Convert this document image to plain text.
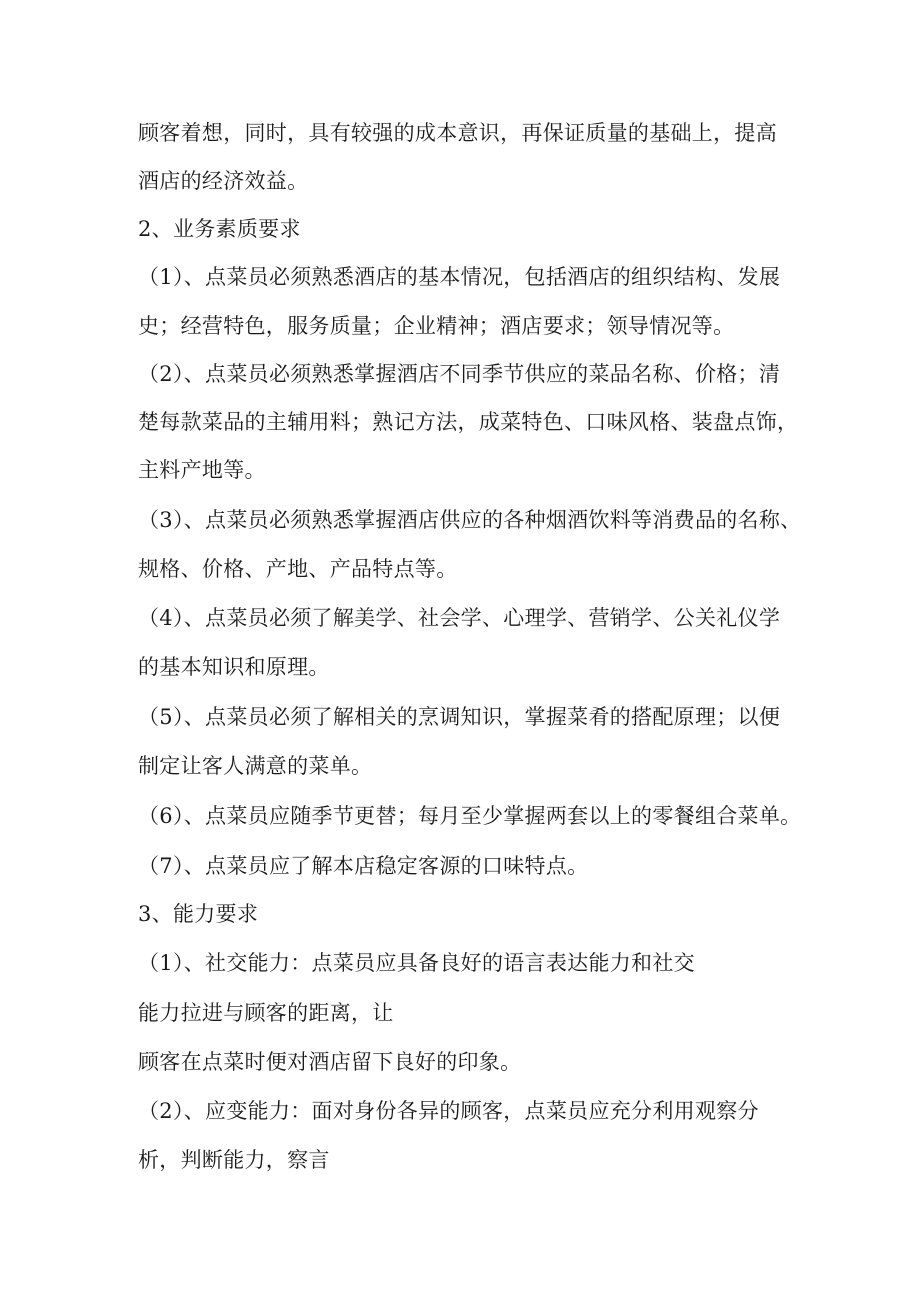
顾客着想，同时，具有较强的成本意识，再保证质量的基础上，提高
酒店的经济效益。
2、业务素质要求
（1）、点菜员必须熟悉酒店的基本情况，包括酒店的组织结构、发展
史；经营特色，服务质量；企业精神；酒店要求；领导情况等。
（2）、点菜员必须熟悉掌握酒店不同季节供应的菜品名称、价格；清
楚每款菜品的主辅用料；熟记方法，成菜特色、口味风格、装盘点饰，
主料产地等。
（3）、点菜员必须熟悉掌握酒店供应的各种烟酒饮料等消费品的名称、
规格、价格、产地、产品特点等。
（4）、点菜员必须了解美学、社会学、心理学、营销学、公关礼仪学
的基本知识和原理。
（5）、点菜员必须了解相关的烹调知识，掌握菜肴的搭配原理；以便
制定让客人满意的菜单。
（6）、点菜员应随季节更替；每月至少掌握两套以上的零餐组合菜单。
（7）、点菜员应了解本店稳定客源的口味特点。
3、能力要求
（1）、社交能力：点菜员应具备良好的语言表达能力和社交
能力拉进与顾客的距离，让
顾客在点菜时便对酒店留下良好的印象。
（2）、应变能力：面对身份各异的顾客，点菜员应充分利用观察分
析，判断能力，察言
